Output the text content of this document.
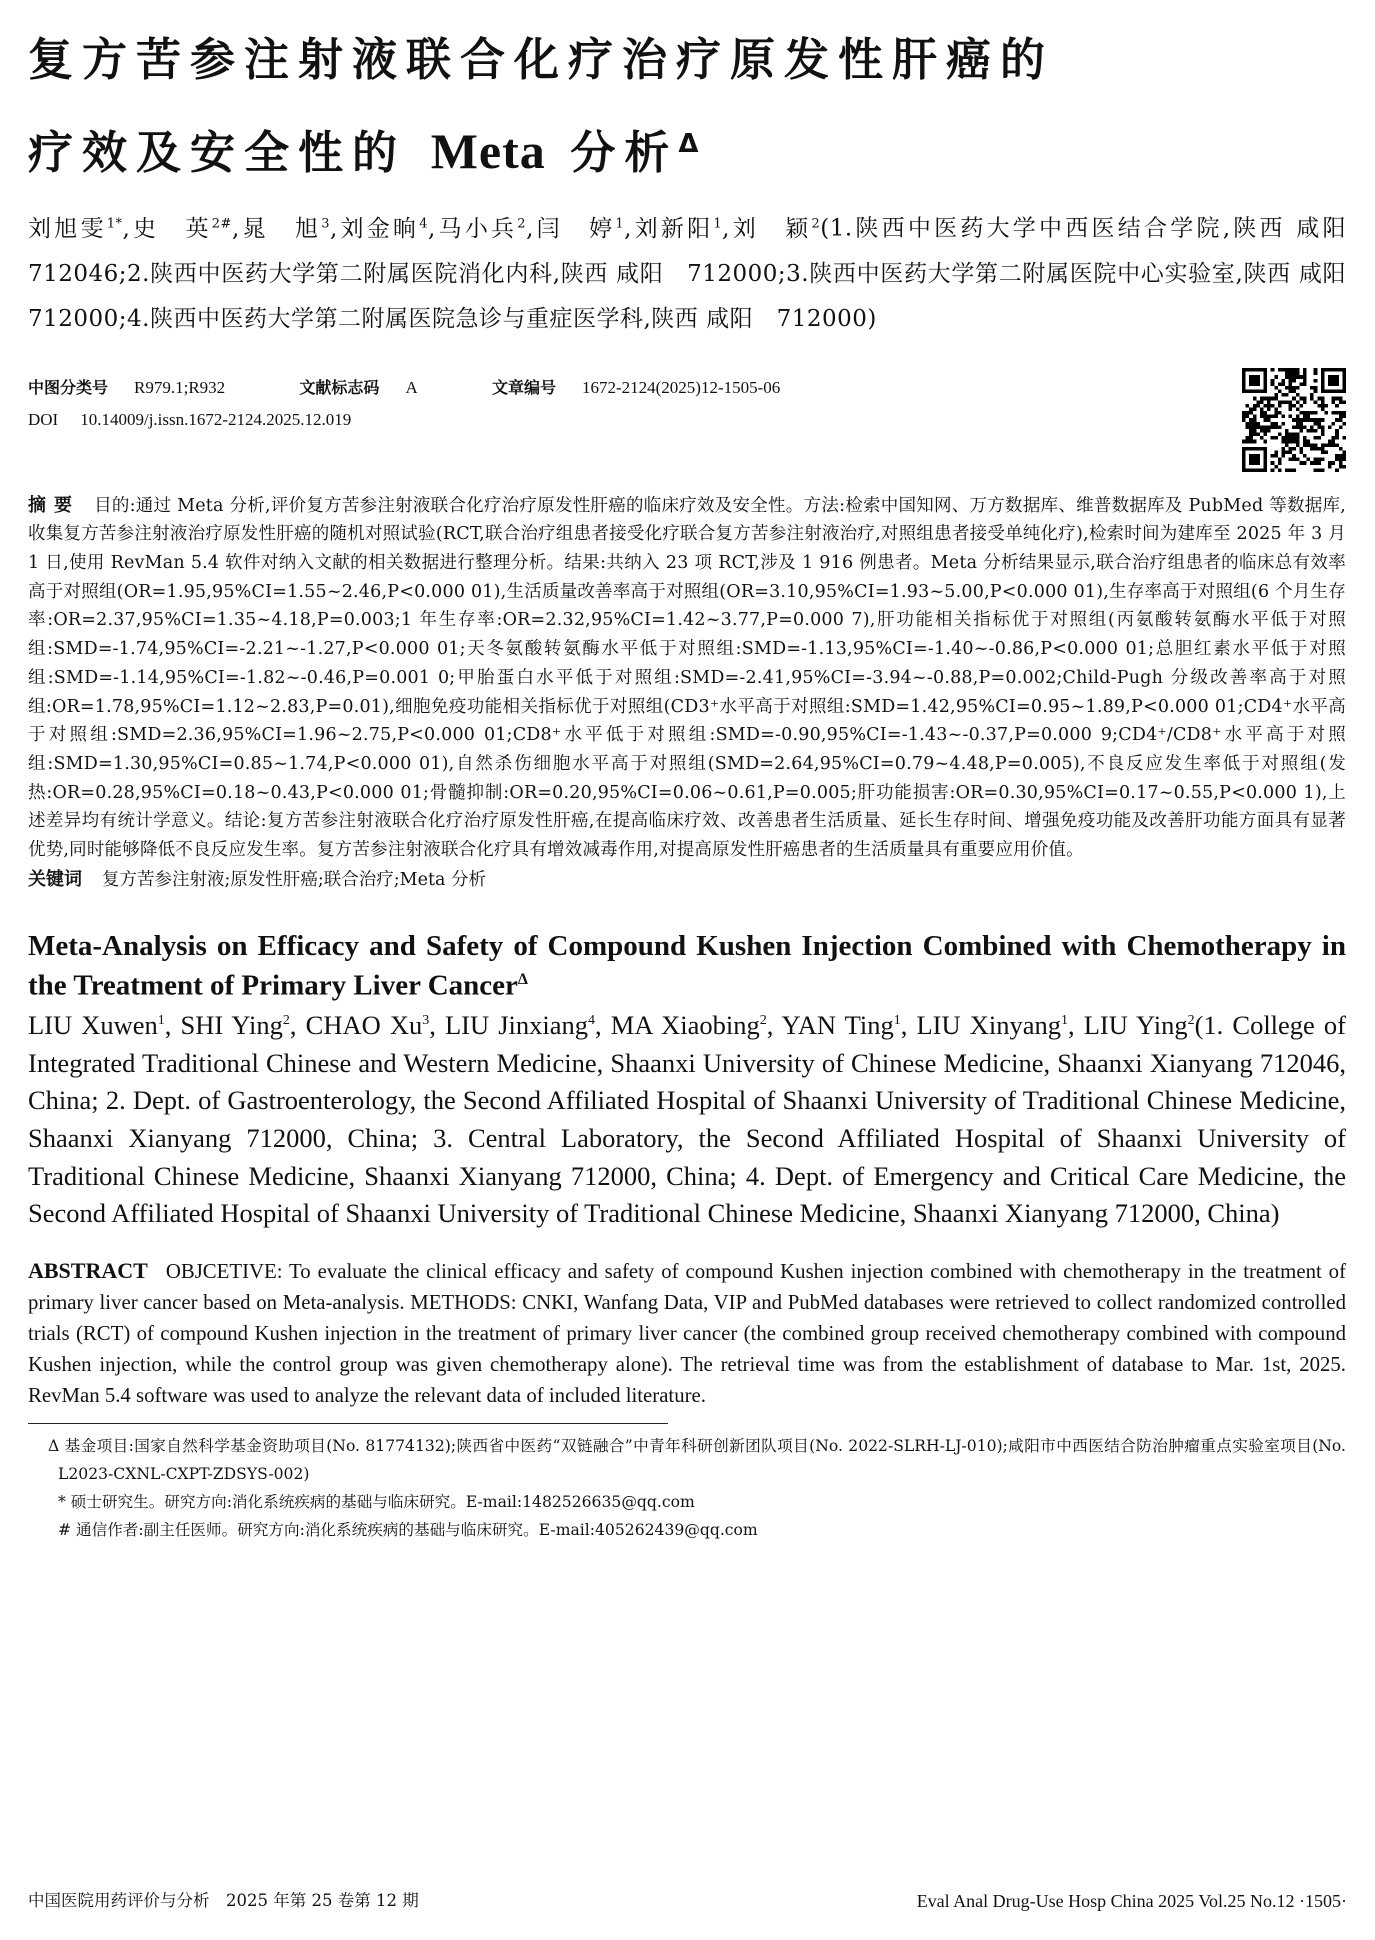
复方苦参注射液联合化疗治疗原发性肝癌的
疗效及安全性的 Meta 分析$^\Delta$
刘旭雯$^{1*}$,史　英$^{2\#}$,晁　旭$^3$,刘金晌$^4$,马小兵$^2$,闫　婷$^1$,刘新阳$^1$,刘　颖$^2$(1.陕西中医药大学中西医结合学院,陕西 咸阳　712046;2.陕西中医药大学第二附属医院消化内科,陕西 咸阳　712000;3.陕西中医药大学第二附属医院中心实验室,陕西 咸阳　712000;4.陕西中医药大学第二附属医院急诊与重症医学科,陕西 咸阳　712000)
中图分类号 R979.1;R932	文献标志码 A	文章编号 1672-2124(2025)12-1505-06
DOI 10.14009/j.issn.1672-2124.2025.12.019
摘要 目的:通过 Meta 分析,评价复方苦参注射液联合化疗治疗原发性肝癌的临床疗效及安全性。方法:检索中国知网、万方数据库、维普数据库及 PubMed 等数据库,收集复方苦参注射液治疗原发性肝癌的随机对照试验(RCT,联合治疗组患者接受化疗联合复方苦参注射液治疗,对照组患者接受单纯化疗),检索时间为建库至 2025 年 3 月 1 日,使用 RevMan 5.4 软件对纳入文献的相关数据进行整理分析。结果:共纳入 23 项 RCT,涉及 1 916 例患者。Meta 分析结果显示,联合治疗组患者的临床总有效率高于对照组(OR=1.95,95%CI=1.55~2.46,P<0.000 01),生活质量改善率高于对照组(OR=3.10,95%CI=1.93~5.00,P<0.000 01),生存率高于对照组(6 个月生存率:OR=2.37,95%CI=1.35~4.18,P=0.003;1 年生存率:OR=2.32,95%CI=1.42~3.77,P=0.000 7),肝功能相关指标优于对照组(丙氨酸转氨酶水平低于对照组:SMD=-1.74,95%CI=-2.21~-1.27,P<0.000 01;天冬氨酸转氨酶水平低于对照组:SMD=-1.13,95%CI=-1.40~-0.86,P<0.000 01;总胆红素水平低于对照组:SMD=-1.14,95%CI=-1.82~-0.46,P=0.001 0;甲胎蛋白水平低于对照组:SMD=-2.41,95%CI=-3.94~-0.88,P=0.002;Child-Pugh 分级改善率高于对照组:OR=1.78,95%CI=1.12~2.83,P=0.01),细胞免疫功能相关指标优于对照组(CD3⁺水平高于对照组:SMD=1.42,95%CI=0.95~1.89,P<0.000 01;CD4⁺水平高于对照组:SMD=2.36,95%CI=1.96~2.75,P<0.000 01;CD8⁺水平低于对照组:SMD=-0.90,95%CI=-1.43~-0.37,P=0.000 9;CD4⁺/CD8⁺水平高于对照组:SMD=1.30,95%CI=0.85~1.74,P<0.000 01),自然杀伤细胞水平高于对照组(SMD=2.64,95%CI=0.79~4.48,P=0.005),不良反应发生率低于对照组(发热:OR=0.28,95%CI=0.18~0.43,P<0.000 01;骨髓抑制:OR=0.20,95%CI=0.06~0.61,P=0.005;肝功能损害:OR=0.30,95%CI=0.17~0.55,P<0.000 1),上述差异均有统计学意义。结论:复方苦参注射液联合化疗治疗原发性肝癌,在提高临床疗效、改善患者生活质量、延长生存时间、增强免疫功能及改善肝功能方面具有显著优势,同时能够降低不良反应发生率。复方苦参注射液联合化疗具有增效减毒作用,对提高原发性肝癌患者的生活质量具有重要应用价值。
关键词 复方苦参注射液;原发性肝癌;联合治疗;Meta 分析
Meta-Analysis on Efficacy and Safety of Compound Kushen Injection Combined with Chemotherapy in the Treatment of Primary Liver Cancer$^\Delta$
LIU Xuwen$^1$, SHI Ying$^2$, CHAO Xu$^3$, LIU Jinxiang$^4$, MA Xiaobing$^2$, YAN Ting$^1$, LIU Xinyang$^1$, LIU Ying$^2$(1. College of Integrated Traditional Chinese and Western Medicine, Shaanxi University of Chinese Medicine, Shaanxi Xianyang 712046, China; 2. Dept. of Gastroenterology, the Second Affiliated Hospital of Shaanxi University of Traditional Chinese Medicine, Shaanxi Xianyang 712000, China; 3. Central Laboratory, the Second Affiliated Hospital of Shaanxi University of Traditional Chinese Medicine, Shaanxi Xianyang 712000, China; 4. Dept. of Emergency and Critical Care Medicine, the Second Affiliated Hospital of Shaanxi University of Traditional Chinese Medicine, Shaanxi Xianyang 712000, China)
ABSTRACT OBJCETIVE: To evaluate the clinical efficacy and safety of compound Kushen injection combined with chemotherapy in the treatment of primary liver cancer based on Meta-analysis. METHODS: CNKI, Wanfang Data, VIP and PubMed databases were retrieved to collect randomized controlled trials (RCT) of compound Kushen injection in the treatment of primary liver cancer (the combined group received chemotherapy combined with compound Kushen injection, while the control group was given chemotherapy alone). The retrieval time was from the establishment of database to Mar. 1st, 2025. RevMan 5.4 software was used to analyze the relevant data of included literature.

Δ 基金项目:国家自然科学基金资助项目(No. 81774132);陕西省中医药“双链融合”中青年科研创新团队项目(No. 2022-SLRH-LJ-010);咸阳市中西医结合防治肿瘤重点实验室项目(No. L2023-CXNL-CXPT-ZDSYS-002)

* 硕士研究生。研究方向:消化系统疾病的基础与临床研究。E-mail:1482526635@qq.com

# 通信作者:副主任医师。研究方向:消化系统疾病的基础与临床研究。E-mail:405262439@qq.com

中国医院用药评价与分析　2025 年第 25 卷第 12 期	Eval Anal Drug-Use Hosp China 2025 Vol.25 No.12 ·1505·
